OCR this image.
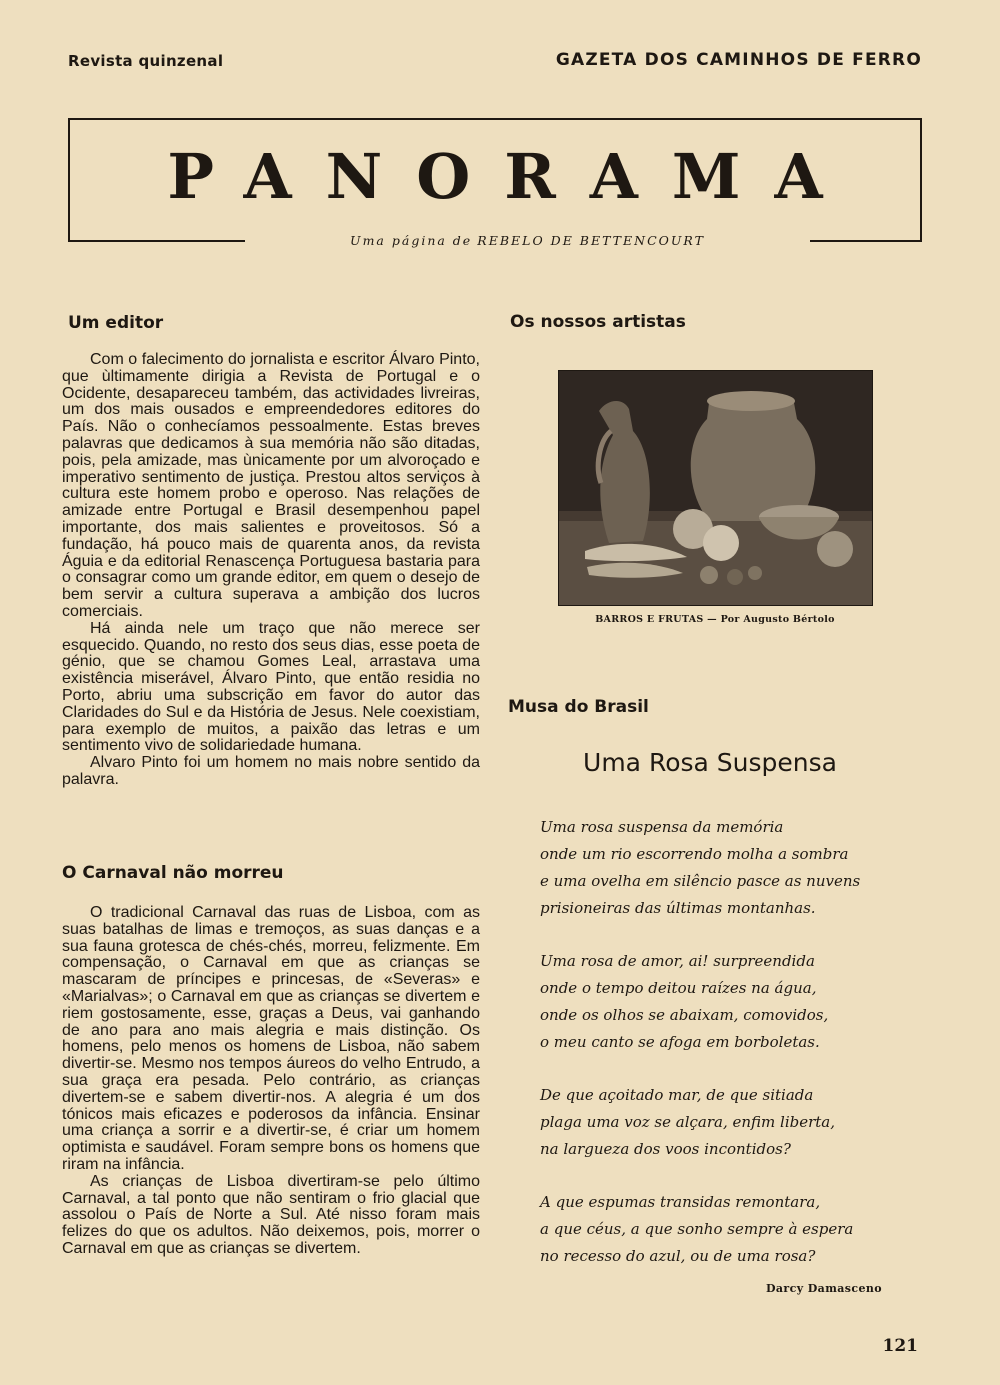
Revista quinzenal	GAZETA DOS CAMINHOS DE FERRO
PANORAMA
Uma página de REBELO DE BETTENCOURT
Um editor

Com o falecimento do jornalista e escritor Álvaro Pinto, que ùltimamente dirigia a Revista de Portugal e o Ocidente, desapareceu também, das actividades livreiras, um dos mais ousados e empreendedores editores do País. Não o conhecíamos pessoalmente. Estas breves palavras que dedicamos à sua memória não são ditadas, pois, pela amizade, mas ùnicamente por um alvoroçado e imperativo sentimento de justiça. Prestou altos serviços à cultura este homem probo e operoso. Nas relações de amizade entre Portugal e Brasil desempenhou papel importante, dos mais salientes e proveitosos. Só a fundação, há pouco mais de quarenta anos, da revista Águia e da editorial Renascença Portuguesa bastaria para o consagrar como um grande editor, em quem o desejo de bem servir a cultura superava a ambição dos lucros comerciais.

Há ainda nele um traço que não merece ser esquecido. Quando, no resto dos seus dias, esse poeta de génio, que se chamou Gomes Leal, arrastava uma existência miserável, Álvaro Pinto, que então residia no Porto, abriu uma subscrição em favor do autor das Claridades do Sul e da História de Jesus. Nele coexistiam, para exemplo de muitos, a paixão das letras e um sentimento vivo de solidariedade humana.

Alvaro Pinto foi um homem no mais nobre sentido da palavra.

O Carnaval não morreu

O tradicional Carnaval das ruas de Lisboa, com as suas batalhas de limas e tremoços, as suas danças e a sua fauna grotesca de chés-chés, morreu, felizmente. Em compensação, o Carnaval em que as crianças se mascaram de príncipes e princesas, de «Severas» e «Marialvas»; o Carnaval em que as crianças se divertem e riem gostosamente, esse, graças a Deus, vai ganhando de ano para ano mais alegria e mais distinção. Os homens, pelo menos os homens de Lisboa, não sabem divertir-se. Mesmo nos tempos áureos do velho Entrudo, a sua graça era pesada. Pelo contrário, as crianças divertem-se e sabem divertir-nos. A alegria é um dos tónicos mais eficazes e poderosos da infância. Ensinar uma criança a sorrir e a divertir-se, é criar um homem optimista e saudável. Foram sempre bons os homens que riram na infância.

As crianças de Lisboa divertiram-se pelo último Carnaval, a tal ponto que não sentiram o frio glacial que assolou o País de Norte a Sul. Até nisso foram mais felizes do que os adultos. Não deixemos, pois, morrer o Carnaval em que as crianças se divertem.

Os nossos artistas
BARROS E FRUTAS — Por Augusto Bértolo
Musa do Brasil
Uma Rosa Suspensa
Uma rosa suspensa da memória
onde um rio escorrendo molha a sombra
e uma ovelha em silêncio pasce as nuvens
prisioneiras das últimas montanhas.
Uma rosa de amor, ai! surpreendida
onde o tempo deitou raízes na água,
onde os olhos se abaixam, comovidos,
o meu canto se afoga em borboletas.
De que açoitado mar, de que sitiada
plaga uma voz se alçara, enfim liberta,
na largueza dos voos incontidos?
A que espumas transidas remontara,
a que céus, a que sonho sempre à espera
no recesso do azul, ou de uma rosa?
Darcy Damasceno
121
